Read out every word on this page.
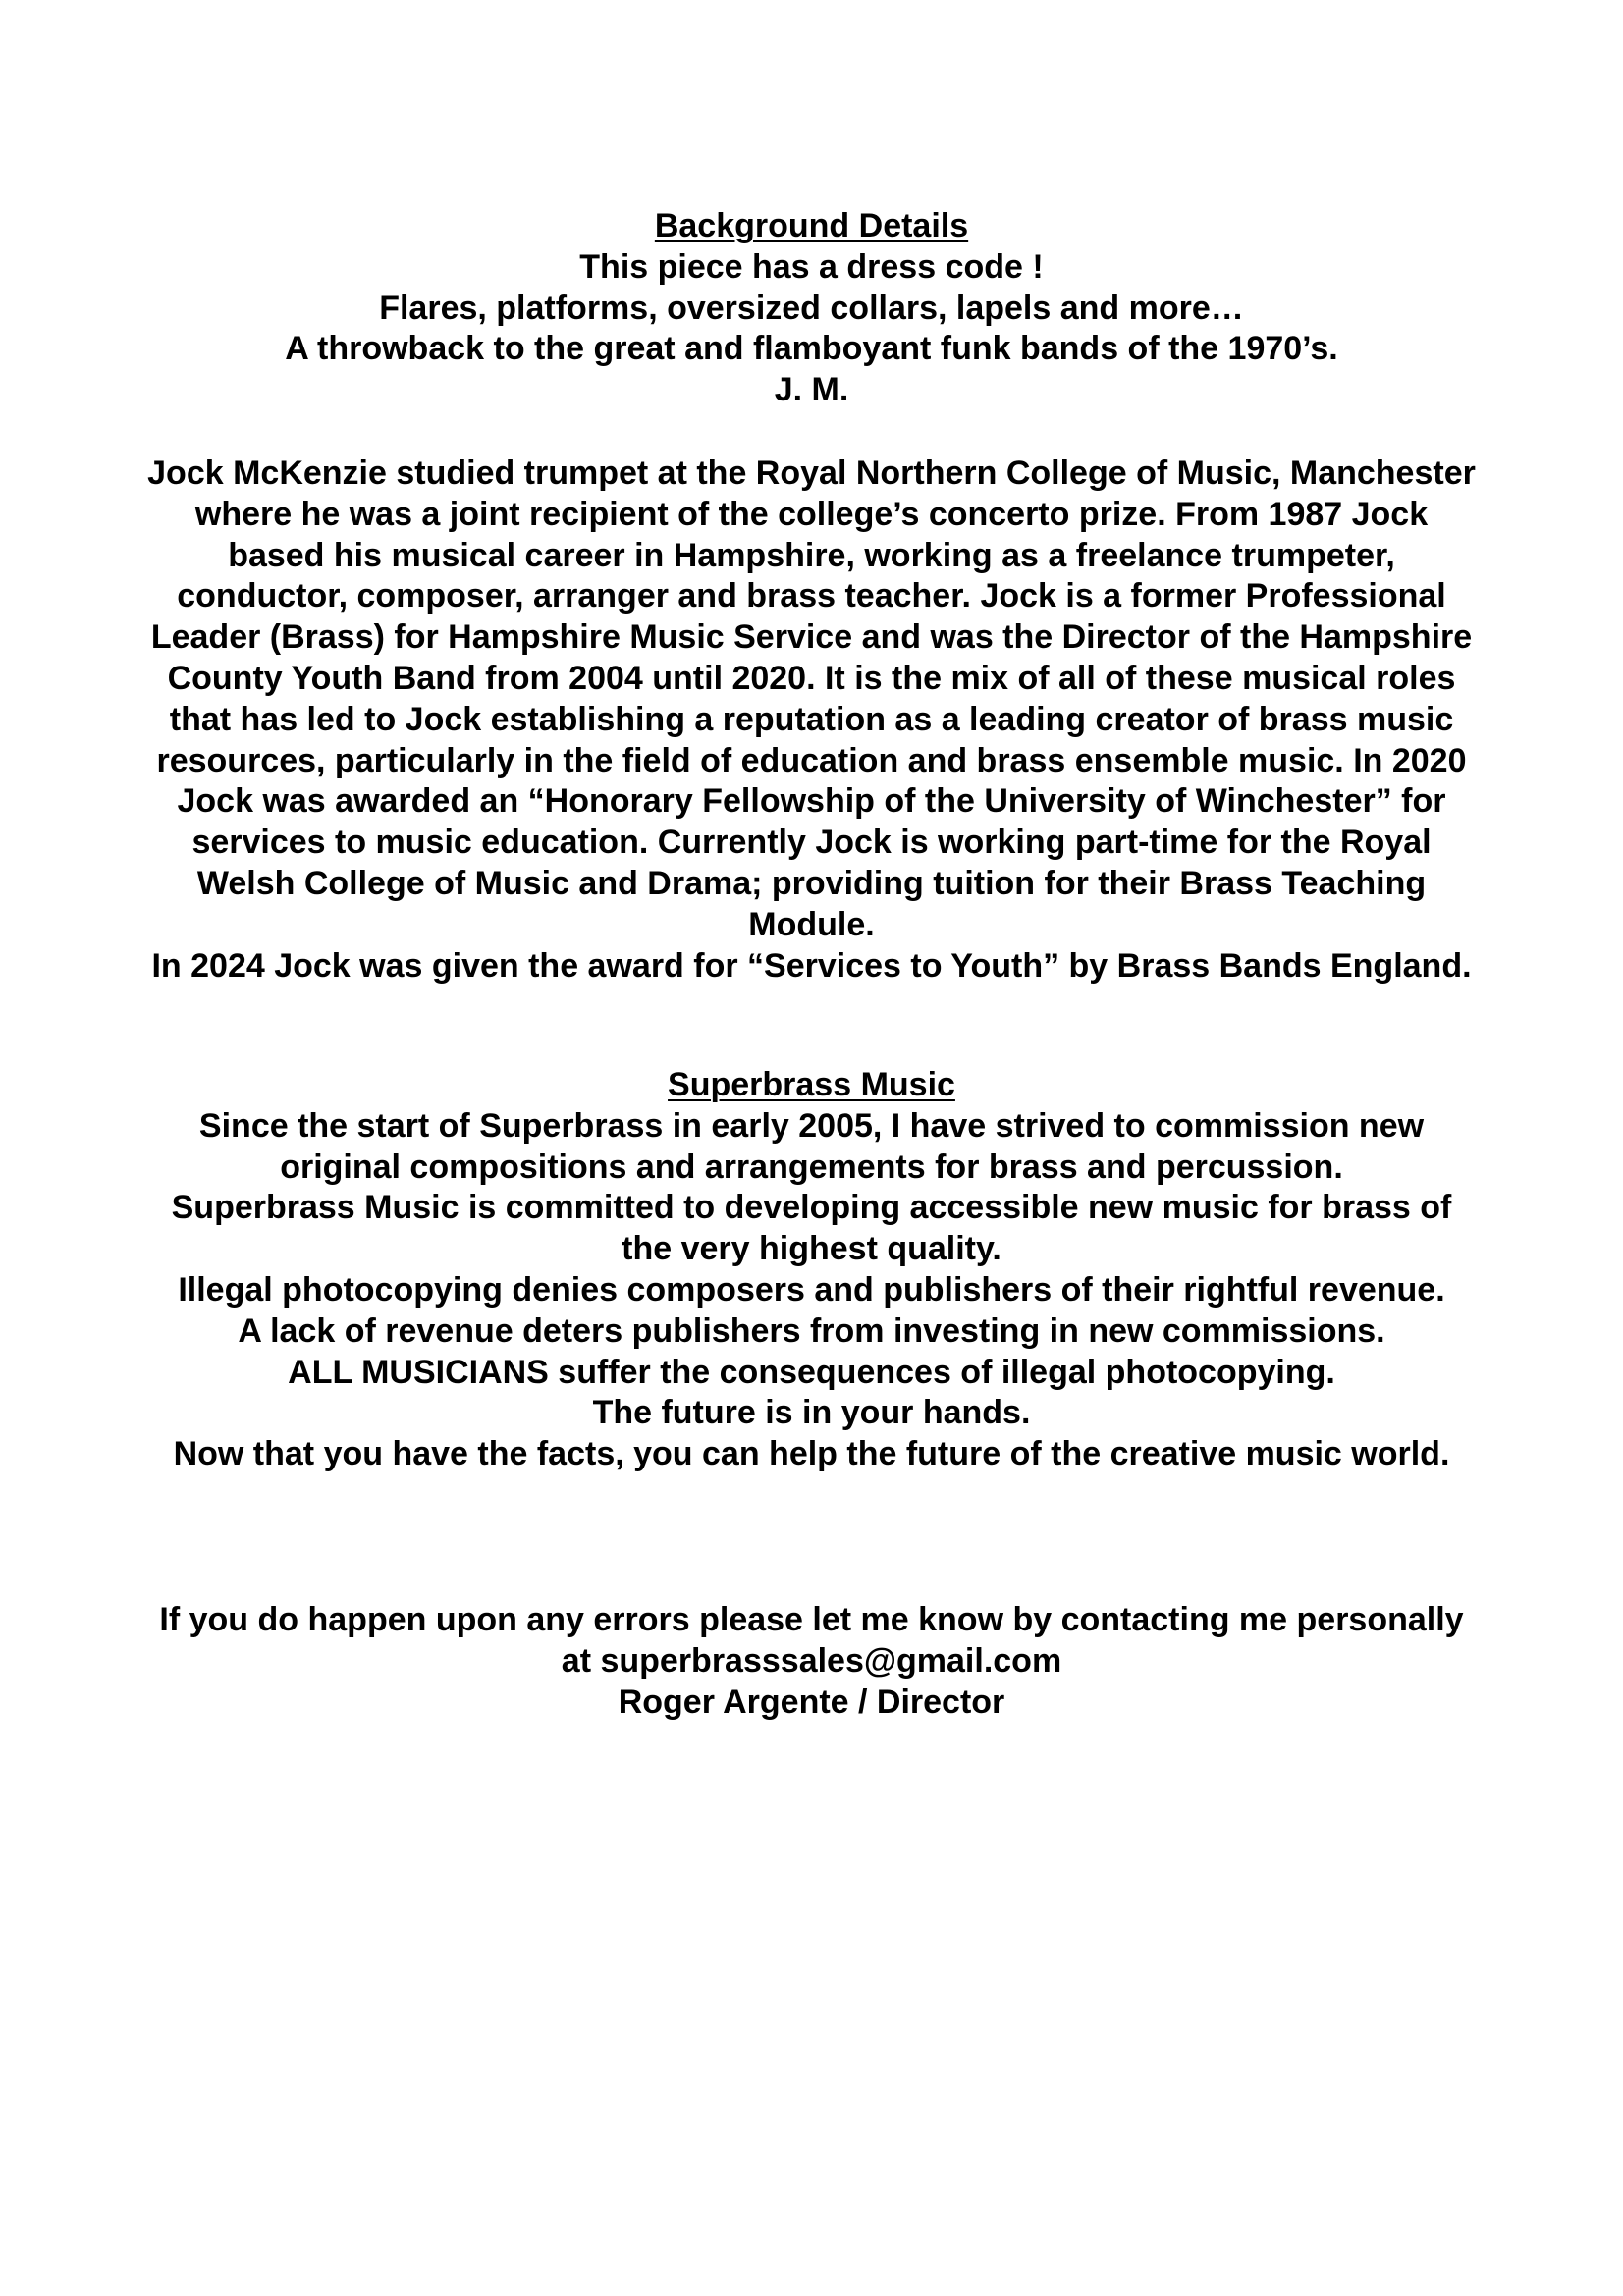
Background Details

This piece has a dress code !

Flares, platforms, oversized collars, lapels and more…

A throwback to the great and flamboyant funk bands of the 1970’s.

J. M.

Jock McKenzie studied trumpet at the Royal Northern College of Music, Manchester where he was a joint recipient of the college’s concerto prize. From 1987 Jock based his musical career in Hampshire, working as a freelance trumpeter, conductor, composer, arranger and brass teacher. Jock is a former Professional Leader (Brass) for Hampshire Music Service and was the Director of the Hampshire County Youth Band from 2004 until 2020. It is the mix of all of these musical roles that has led to Jock establishing a reputation as a leading creator of brass music resources, particularly in the field of education and brass ensemble music. In 2020 Jock was awarded an “Honorary Fellowship of the University of Winchester” for services to music education. Currently Jock is working part-time for the Royal Welsh College of Music and Drama; providing tuition for their Brass Teaching Module.

In 2024 Jock was given the award for “Services to Youth” by Brass Bands England.

Superbrass Music

Since the start of Superbrass in early 2005, I have strived to commission new original compositions and arrangements for brass and percussion.

Superbrass Music is committed to developing accessible new music for brass of the very highest quality.

Illegal photocopying denies composers and publishers of their rightful revenue.

A lack of revenue deters publishers from investing in new commissions.

ALL MUSICIANS suffer the consequences of illegal photocopying.

The future is in your hands.

Now that you have the facts, you can help the future of the creative music world.

If you do happen upon any errors please let me know by contacting me personally at superbrasssales@gmail.com

Roger Argente / Director
